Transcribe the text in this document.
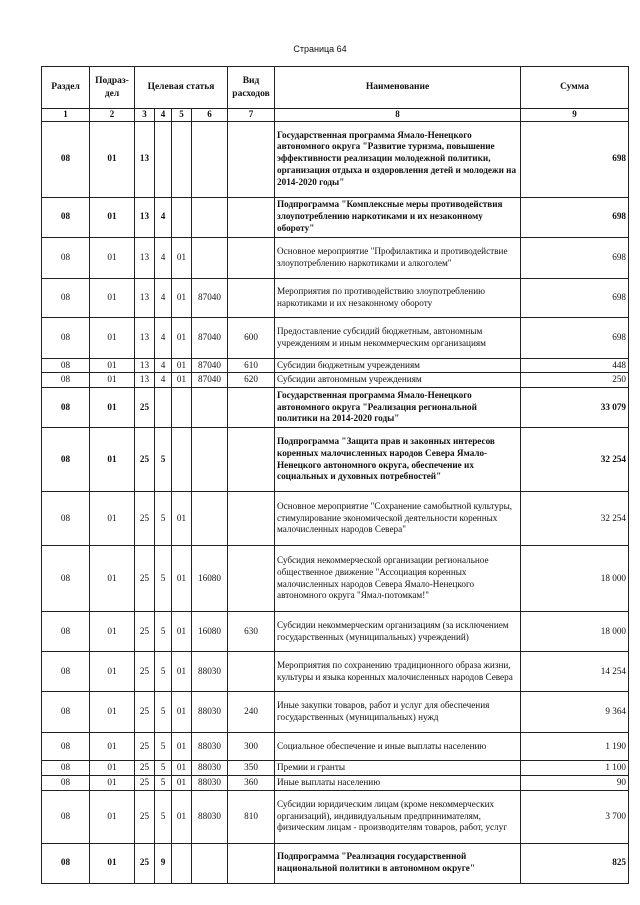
Страница 64
Раздел	Подраз-дел	Целевая статья				Вид расходов	Наименование	Сумма
1	2	3	4	5	6	7	8	9
08	01	13					Государственная программа Ямало-Ненецкого автономного округа "Развитие туризма, повышение эффективности реализации молодежной политики, организация отдыха и оздоровления детей и молодежи на 2014-2020 годы"	698
08	01	13	4				Подпрограмма "Комплексные меры противодействия злоупотреблению наркотиками и их незаконному обороту"	698
08	01	13	4	01			Основное мероприятие "Профилактика и противодействие злоупотреблению наркотиками и алкоголем"	698
08	01	13	4	01	87040		Мероприятия по противодействию злоупотреблению наркотиками и их незаконному обороту	698
08	01	13	4	01	87040	600	Предоставление субсидий бюджетным, автономным учреждениям и иным некоммерческим организациям	698
08	01	13	4	01	87040	610	Субсидии бюджетным учреждениям	448
08	01	13	4	01	87040	620	Субсидии автономным учреждениям	250
08	01	25					Государственная программа Ямало-Ненецкого автономного округа "Реализация региональной политики на 2014-2020 годы"	33 079
08	01	25	5				Подпрограмма "Защита прав и законных интересов коренных малочисленных народов Севера Ямало-Ненецкого автономного округа, обеспечение их социальных и духовных потребностей"	32 254
08	01	25	5	01			Основное мероприятие "Сохранение самобытной культуры, стимулирование экономической деятельности коренных малочисленных народов Севера"	32 254
08	01	25	5	01	16080		Субсидия некоммерческой организации региональное общественное движение "Ассоциация коренных малочисленных народов Севера Ямало-Ненецкого автономного округа "Ямал-потомкам!"	18 000
08	01	25	5	01	16080	630	Субсидии некоммерческим организациям (за исключением государственных (муниципальных) учреждений)	18 000
08	01	25	5	01	88030		Мероприятия по сохранению традиционного образа жизни, культуры и языка коренных малочисленных народов Севера	14 254
08	01	25	5	01	88030	240	Иные закупки товаров, работ и услуг для обеспечения государственных (муниципальных) нужд	9 364
08	01	25	5	01	88030	300	Социальное обеспечение и иные выплаты населению	1 190
08	01	25	5	01	88030	350	Премии и гранты	1 100
08	01	25	5	01	88030	360	Иные выплаты населению	90
08	01	25	5	01	88030	810	Субсидии юридическим лицам (кроме некоммерческих организаций), индивидуальным предпринимателям, физическим лицам - производителям товаров, работ, услуг	3 700
08	01	25	9				Подпрограмма "Реализация государственной национальной политики в автономном округе"	825
